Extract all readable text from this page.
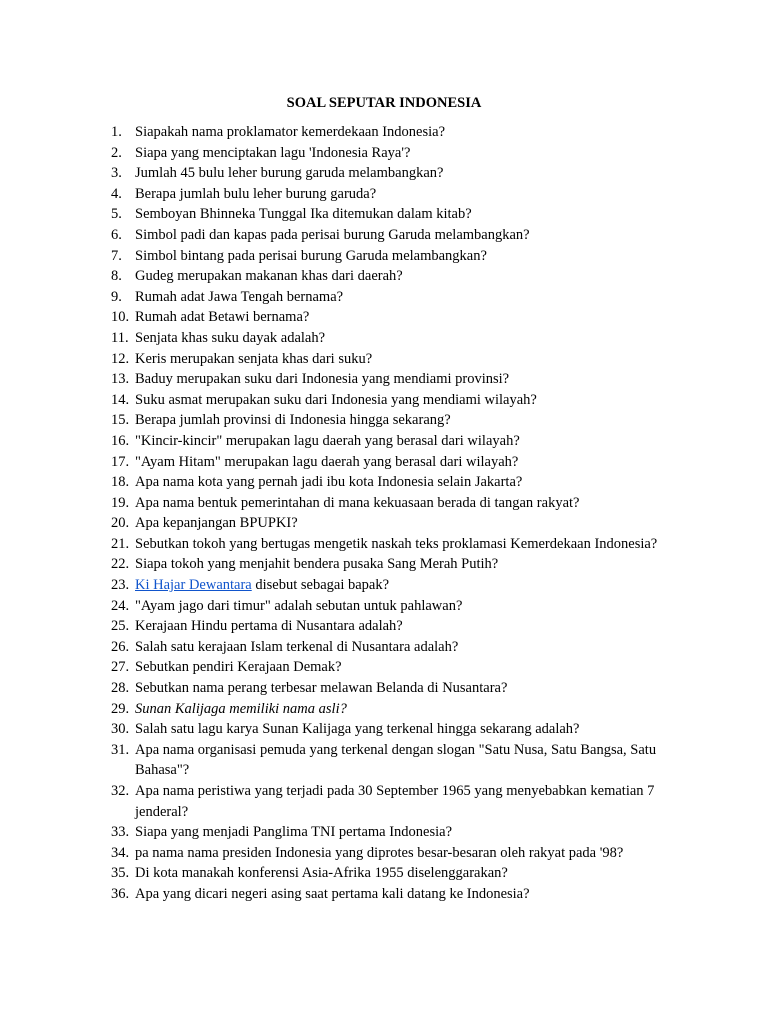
SOAL SEPUTAR INDONESIA
1. Siapakah nama proklamator kemerdekaan Indonesia?
2. Siapa yang menciptakan lagu 'Indonesia Raya'?
3. Jumlah 45 bulu leher burung garuda melambangkan?
4. Berapa jumlah bulu leher burung garuda?
5. Semboyan Bhinneka Tunggal Ika ditemukan dalam kitab?
6. Simbol padi dan kapas pada perisai burung Garuda melambangkan?
7. Simbol bintang pada perisai burung Garuda melambangkan?
8. Gudeg merupakan makanan khas dari daerah?
9. Rumah adat Jawa Tengah bernama?
10. Rumah adat Betawi bernama?
11. Senjata khas suku dayak adalah?
12. Keris merupakan senjata khas dari suku?
13. Baduy merupakan suku dari Indonesia yang mendiami provinsi?
14. Suku asmat merupakan suku dari Indonesia yang mendiami wilayah?
15. Berapa jumlah provinsi di Indonesia hingga sekarang?
16. "Kincir-kincir" merupakan lagu daerah yang berasal dari wilayah?
17. "Ayam Hitam" merupakan lagu daerah yang berasal dari wilayah?
18. Apa nama kota yang pernah jadi ibu kota Indonesia selain Jakarta?
19. Apa nama bentuk pemerintahan di mana kekuasaan berada di tangan rakyat?
20. Apa kepanjangan BPUPKI?
21. Sebutkan tokoh yang bertugas mengetik naskah teks proklamasi Kemerdekaan Indonesia?
22. Siapa tokoh yang menjahit bendera pusaka Sang Merah Putih?
23. Ki Hajar Dewantara disebut sebagai bapak?
24. "Ayam jago dari timur" adalah sebutan untuk pahlawan?
25. Kerajaan Hindu pertama di Nusantara adalah?
26. Salah satu kerajaan Islam terkenal di Nusantara adalah?
27. Sebutkan pendiri Kerajaan Demak?
28. Sebutkan nama perang terbesar melawan Belanda di Nusantara?
29. Sunan Kalijaga memiliki nama asli?
30. Salah satu lagu karya Sunan Kalijaga yang terkenal hingga sekarang adalah?
31. Apa nama organisasi pemuda yang terkenal dengan slogan "Satu Nusa, Satu Bangsa, Satu Bahasa"?
32. Apa nama peristiwa yang terjadi pada 30 September 1965 yang menyebabkan kematian 7 jenderal?
33. Siapa yang menjadi Panglima TNI pertama Indonesia?
34. pa nama nama presiden Indonesia yang diprotes besar-besaran oleh rakyat pada '98?
35. Di kota manakah konferensi Asia-Afrika 1955 diselenggarakan?
36. Apa yang dicari negeri asing saat pertama kali datang ke Indonesia?
